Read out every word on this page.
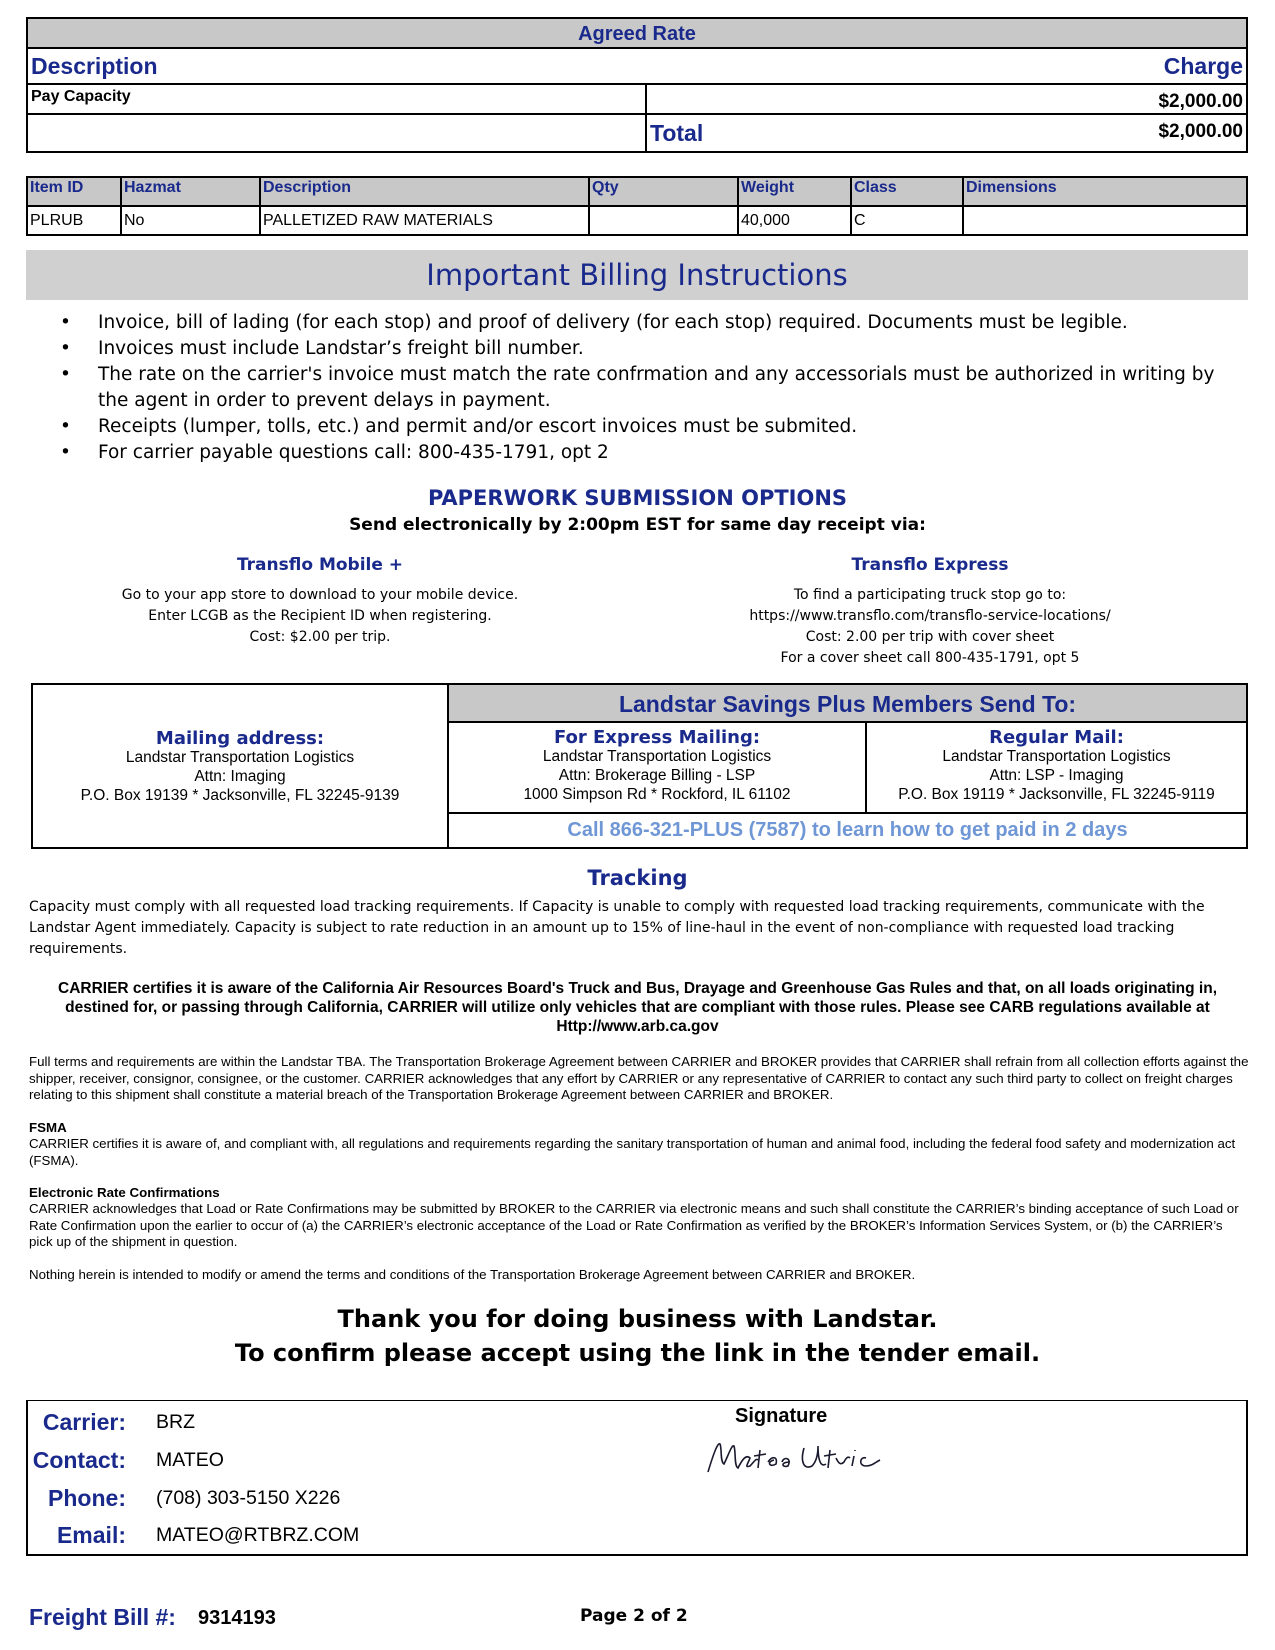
Agreed Rate
Description	Charge
Pay Capacity	$2,000.00
Total	$2,000.00
Item ID	Hazmat	Description	Qty	Weight	Class	Dimensions
PLRUB	No	PALLETIZED RAW MATERIALS		40,000	C	
Important Billing Instructions
• Invoice, bill of lading (for each stop) and proof of delivery (for each stop) required. Documents must be legible.
• Invoices must include Landstar’s freight bill number.
• The rate on the carrier's invoice must match the rate confrmation and any accessorials must be authorized in writing by the agent in order to prevent delays in payment.
• Receipts (lumper, tolls, etc.) and permit and/or escort invoices must be submited.
• For carrier payable questions call: 800-435-1791, opt 2
PAPERWORK SUBMISSION OPTIONS
Send electronically by 2:00pm EST for same day receipt via:
Transflo Mobile +	Transflo Express
Go to your app store to download to your mobile device.
Enter LCGB as the Recipient ID when registering.
Cost: $2.00 per trip.
To find a participating truck stop go to:
https://www.transflo.com/transflo-service-locations/
Cost: 2.00 per trip with cover sheet
For a cover sheet call 800-435-1791, opt 5
Mailing address:
Landstar Transportation Logistics
Attn: Imaging
P.O. Box 19139 * Jacksonville, FL 32245-9139
Landstar Savings Plus Members Send To:
For Express Mailing:
Landstar Transportation Logistics
Attn: Brokerage Billing - LSP
1000 Simpson Rd * Rockford, IL 61102
Regular Mail:
Landstar Transportation Logistics
Attn: LSP - Imaging
P.O. Box 19119 * Jacksonville, FL 32245-9119
Call 866-321-PLUS (7587) to learn how to get paid in 2 days
Tracking
Capacity must comply with all requested load tracking requirements. If Capacity is unable to comply with requested load tracking requirements, communicate with the Landstar Agent immediately. Capacity is subject to rate reduction in an amount up to 15% of line-haul in the event of non-compliance with requested load tracking requirements.
CARRIER certifies it is aware of the California Air Resources Board's Truck and Bus, Drayage and Greenhouse Gas Rules and that, on all loads originating in, destined for, or passing through California, CARRIER will utilize only vehicles that are compliant with those rules. Please see CARB regulations available at Http://www.arb.ca.gov
Full terms and requirements are within the Landstar TBA. The Transportation Brokerage Agreement between CARRIER and BROKER provides that CARRIER shall refrain from all collection efforts against the shipper, receiver, consignor, consignee, or the customer. CARRIER acknowledges that any effort by CARRIER or any representative of CARRIER to contact any such third party to collect on freight charges relating to this shipment shall constitute a material breach of the Transportation Brokerage Agreement between CARRIER and BROKER.
FSMA
CARRIER certifies it is aware of, and compliant with, all regulations and requirements regarding the sanitary transportation of human and animal food, including the federal food safety and modernization act (FSMA).
Electronic Rate Confirmations
CARRIER acknowledges that Load or Rate Confirmations may be submitted by BROKER to the CARRIER via electronic means and such shall constitute the CARRIER’s binding acceptance of such Load or Rate Confirmation upon the earlier to occur of (a) the CARRIER’s electronic acceptance of the Load or Rate Confirmation as verified by the BROKER’s Information Services System, or (b) the CARRIER’s pick up of the shipment in question.
Nothing herein is intended to modify or amend the terms and conditions of the Transportation Brokerage Agreement between CARRIER and BROKER.
Thank you for doing business with Landstar.
To confirm please accept using the link in the tender email.
Carrier: BRZ
Contact: MATEO
Phone: (708) 303-5150 X226
Email: MATEO@RTBRZ.COM
Signature
Freight Bill #: 9314193	Page 2 of 2
